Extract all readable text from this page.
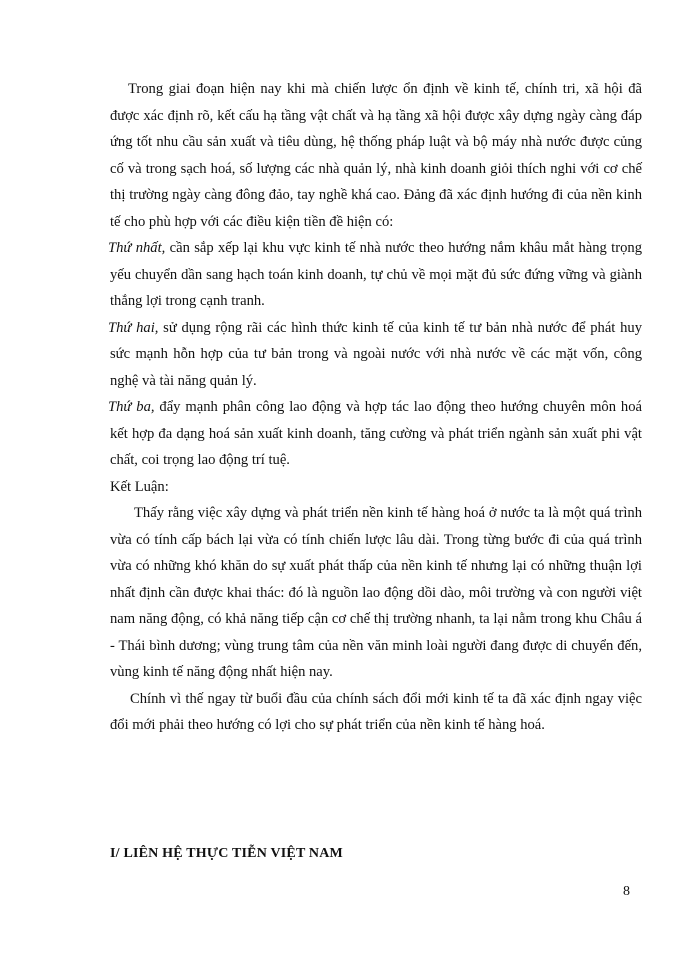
Trong giai đoạn hiện nay khi mà chiến lược ổn định về kinh tế, chính tri, xã hội đã được xác định rõ, kết cấu hạ tầng vật chất và hạ tầng xã hội được xây dựng ngày càng đáp ứng tốt nhu cầu sản xuất và tiêu dùng, hệ thống pháp luật và bộ máy nhà nước được củng cố và trong sạch hoá, số lượng các nhà quản lý, nhà kinh doanh giỏi thích nghi với cơ chế thị trường ngày càng đông đảo, tay nghề khá cao. Đảng đã xác định hướng đi của nền kinh tế cho phù hợp với các điều kiện tiền đề hiện có:

Thứ nhất, cần sắp xếp lại khu vực kinh tế nhà nước theo hướng nắm khâu mắt hàng trọng yếu chuyển dần sang hạch toán kinh doanh, tự chủ về mọi mặt đủ sức đứng vững và giành thắng lợi trong cạnh tranh.

Thứ hai, sử dụng rộng rãi các hình thức kinh tế của kinh tế tư bản nhà nước để phát huy sức mạnh hỗn hợp của tư bản trong và ngoài nước với nhà nước về các mặt vốn, công nghệ và tài năng quản lý.

Thứ ba, đẩy mạnh phân công lao động và hợp tác lao động theo hướng chuyên môn hoá kết hợp đa dạng hoá sản xuất kinh doanh, tăng cường và phát triển ngành sản xuất phi vật chất, coi trọng lao động trí tuệ.

Kết Luận:

Thấy rằng việc xây dựng và phát triển nền kinh tế hàng hoá ở nước ta là một quá trình vừa có tính cấp bách lại vừa có tính chiến lược lâu dài. Trong từng bước đi của quá trình vừa có những khó khăn do sự xuất phát thấp của nền kinh tế nhưng lại có những thuận lợi nhất định cần được khai thác: đó là nguồn lao động dồi dào, môi trường và con người việt nam năng động, có khả năng tiếp cận cơ chế thị trường nhanh, ta lại nằm trong khu Châu á - Thái bình dương; vùng trung tâm của nền văn minh loài người đang được di chuyển đến, vùng kinh tế năng động nhất hiện nay.

Chính vì thế ngay từ buổi đầu của chính sách đổi mới kinh tế ta đã xác định ngay việc đổi mới phải theo hướng có lợi cho sự phát triển của nền kinh tế hàng hoá.

I/ LIÊN HỆ THỰC TIỄN VIỆT NAM
8
